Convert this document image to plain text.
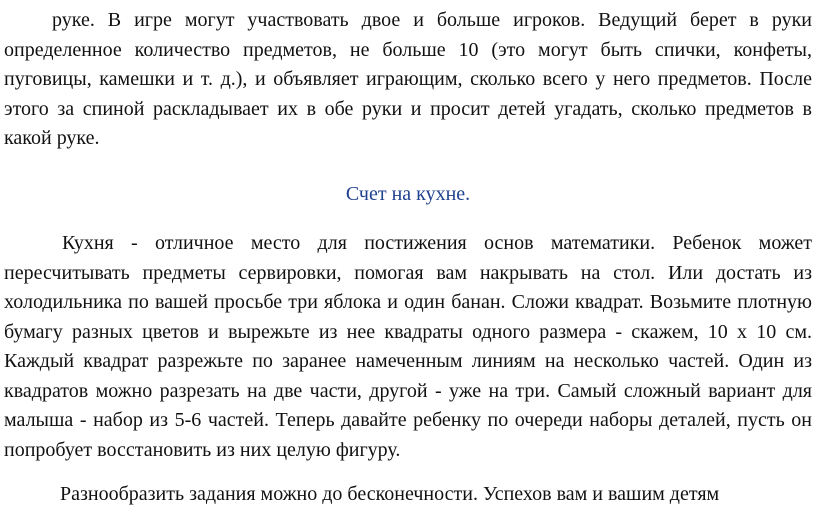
руке. В игре могут участвовать двое и больше игроков. Ведущий берет в руки определенное количество предметов, не больше 10 (это могут быть спички, конфеты, пуговицы, камешки и т. д.), и объявляет играющим, сколько всего у него предметов. После этого за спиной раскладывает их в обе руки и просит детей угадать, сколько предметов в какой руке.

Счет на кухне.

Кухня - отличное место для постижения основ математики. Ребенок может пересчитывать предметы сервировки, помогая вам накрывать на стол. Или достать из холодильника по вашей просьбе три яблока и один банан. Сложи квадрат. Возьмите плотную бумагу разных цветов и вырежьте из нее квадраты одного размера - скажем, 10 х 10 см. Каждый квадрат разрежьте по заранее намеченным линиям на несколько частей. Один из квадратов можно разрезать на две части, другой - уже на три. Самый сложный вариант для малыша - набор из 5-6 частей. Теперь давайте ребенку по очереди наборы деталей, пусть он попробует восстановить из них целую фигуру.

Разнообразить задания можно до бесконечности. Успехов вам и вашим детям
